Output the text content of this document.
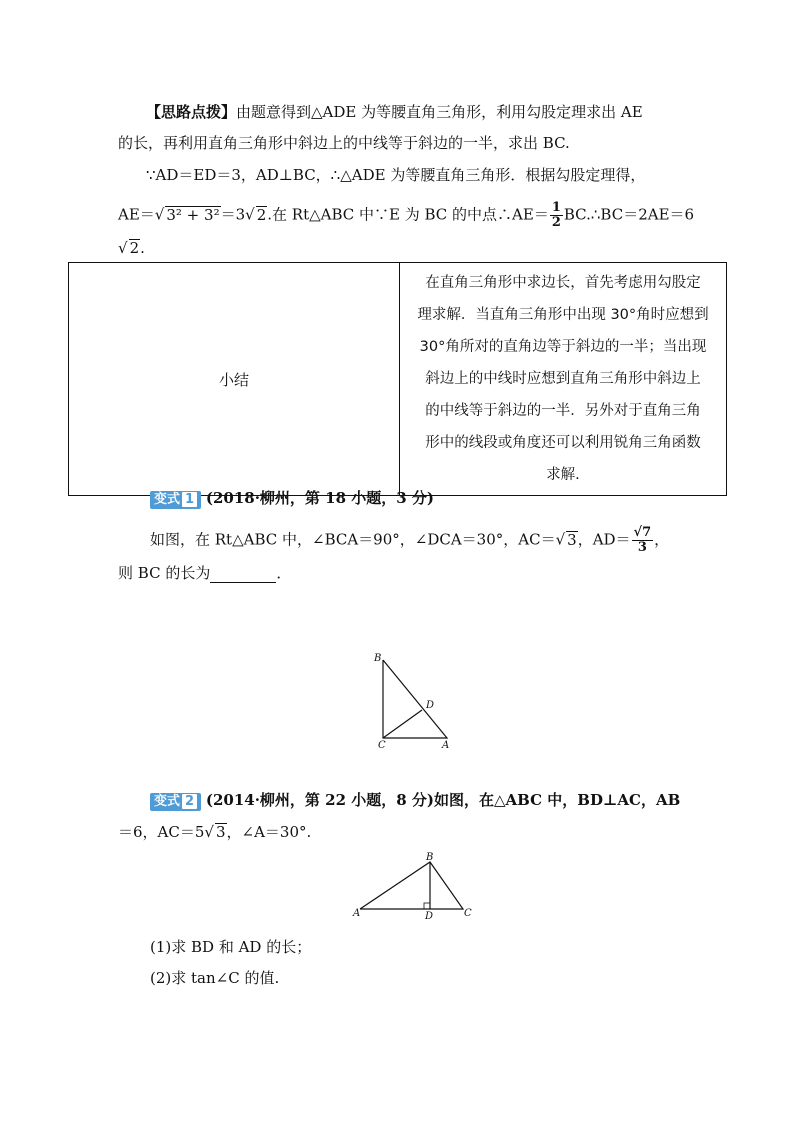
【思路点拨】由题意得到△ADE 为等腰直角三角形，利用勾股定理求出 AE
的长，再利用直角三角形中斜边上的中线等于斜边的一半，求出 BC.
∵AD＝ED＝3，AD⊥BC，∴△ADE 为等腰直角三角形．根据勾股定理得，
AE＝√ 3² + 3²＝3√ 2.在 Rt△ABC 中∵E 为 BC 的中点∴AE＝ $\frac{1}{2}$ BC.∴BC＝2AE＝6
√ 2.
小结	
在直角三角形中求边长，首先考虑用勾股定
理求解．当直角三角形中出现 30°角时应想到
30°角所对的直角边等于斜边的一半；当出现
斜边上的中线时应想到直角三角形中斜边上
的中线等于斜边的一半．另外对于直角三角
形中的线段或角度还可以利用锐角三角函数
求解.
变式 1 (2018·柳州，第 18 小题，3 分)
如图，在 Rt△ABC 中，∠BCA＝90°，∠DCA＝30°，AC＝√ 3，$AD= \frac{√7}{3}$ ，
则 BC 的长为	．
B
C	A
D
变式 2 (2014·柳州，第 22 小题，8 分)如图，在△ABC 中，BD⊥AC，AB
＝6，AC＝5√ 3，∠A＝30°.
A
B
C
D
(1)求 BD 和 AD 的长；
(2)求 tan∠C 的值.
